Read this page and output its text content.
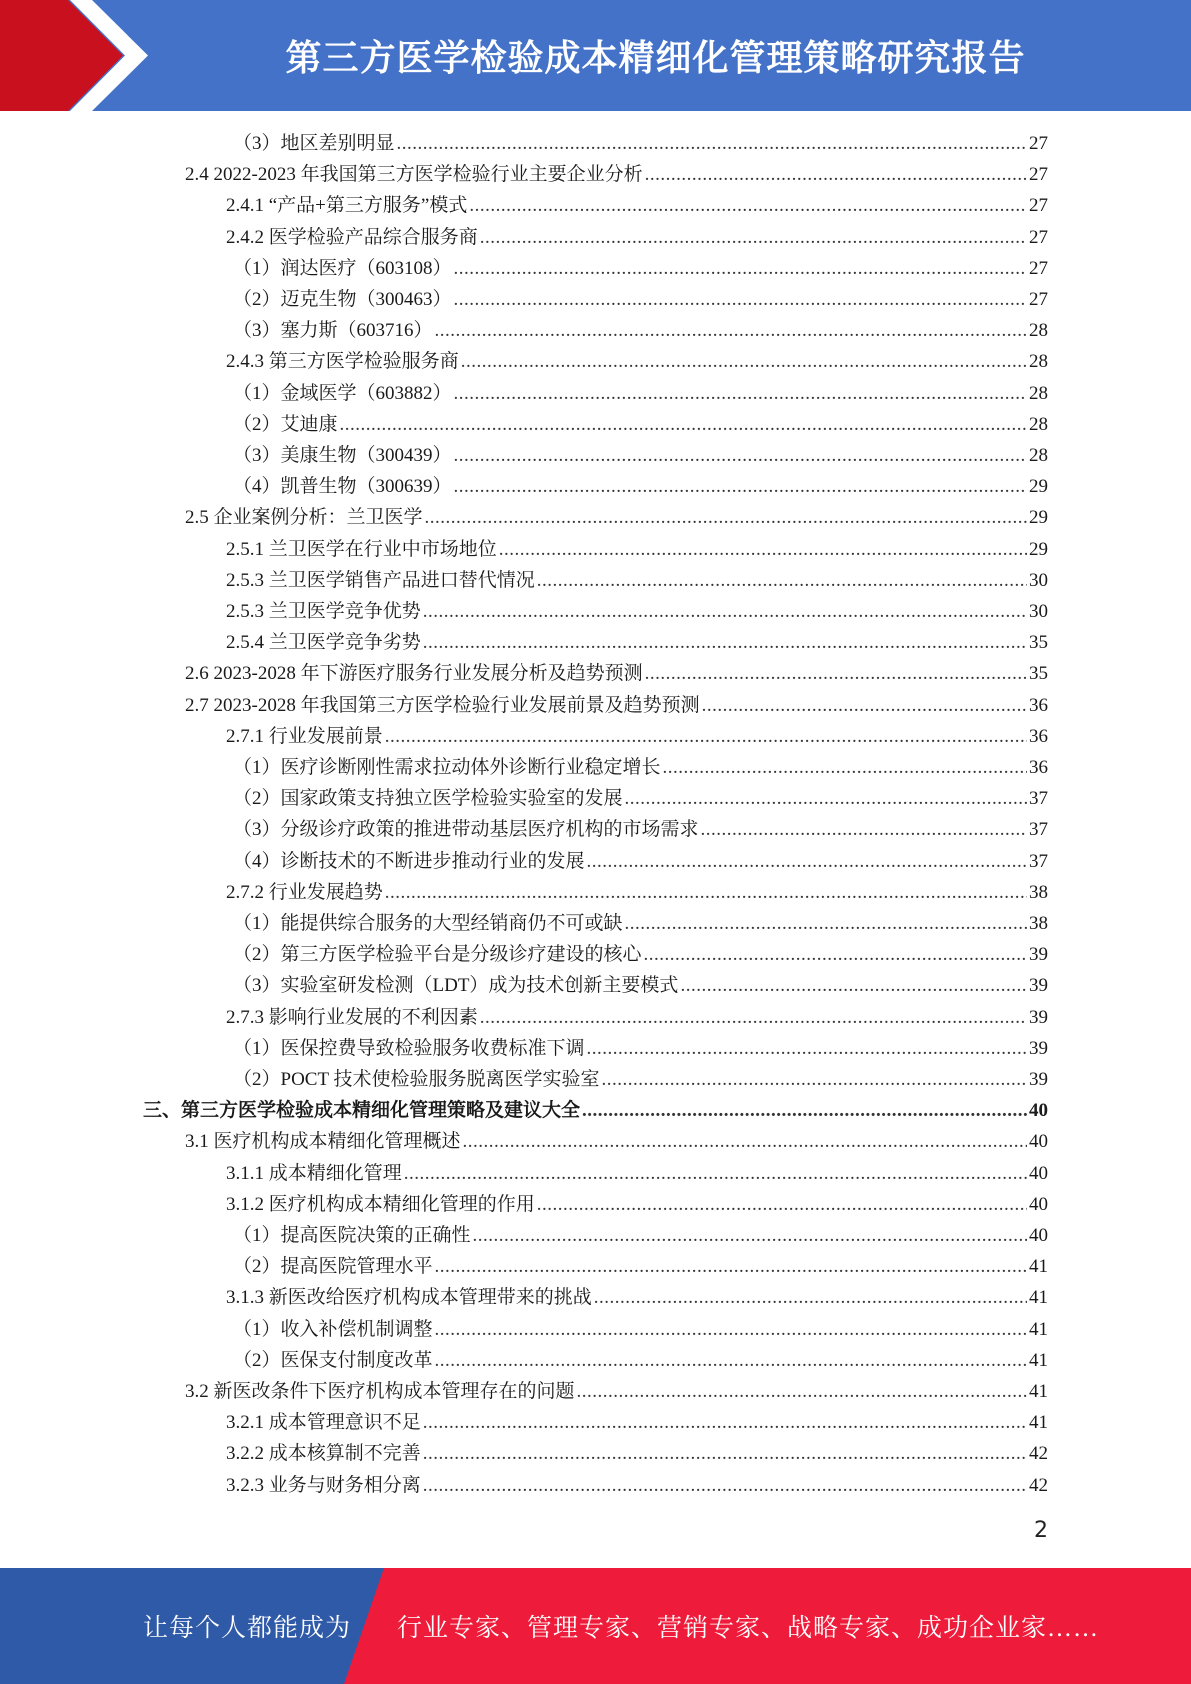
第三方医学检验成本精细化管理策略研究报告
（3）地区差别明显 .....	27
2.4 2022-2023 年我国第三方医学检验行业主要企业分析 .....	27
2.4.1 “产品+第三方服务”模式 .....	27
2.4.2 医学检验产品综合服务商 .....	27
（1）润达医疗（603108） .....	27
（2）迈克生物（300463） .....	27
（3）塞力斯（603716） .....	28
2.4.3 第三方医学检验服务商 .....	28
（1）金域医学（603882） .....	28
（2）艾迪康 .....	28
（3）美康生物（300439） .....	28
（4）凯普生物（300639） .....	29
2.5 企业案例分析：兰卫医学 .....	29
2.5.1 兰卫医学在行业中市场地位 .....	29
2.5.3 兰卫医学销售产品进口替代情况 .....	30
2.5.3 兰卫医学竞争优势 .....	30
2.5.4 兰卫医学竞争劣势 .....	35
2.6 2023-2028 年下游医疗服务行业发展分析及趋势预测 .....	35
2.7 2023-2028 年我国第三方医学检验行业发展前景及趋势预测 .....	36
2.7.1 行业发展前景 .....	36
（1）医疗诊断刚性需求拉动体外诊断行业稳定增长 .....	36
（2）国家政策支持独立医学检验实验室的发展 .....	37
（3）分级诊疗政策的推进带动基层医疗机构的市场需求 .....	37
（4）诊断技术的不断进步推动行业的发展 .....	37
2.7.2 行业发展趋势 .....	38
（1）能提供综合服务的大型经销商仍不可或缺 .....	38
（2）第三方医学检验平台是分级诊疗建设的核心 .....	39
（3）实验室研发检测（LDT）成为技术创新主要模式 .....	39
2.7.3 影响行业发展的不利因素 .....	39
（1）医保控费导致检验服务收费标准下调 .....	39
（2）POCT 技术使检验服务脱离医学实验室 .....	39
三、第三方医学检验成本精细化管理策略及建议大全 .....	40
3.1 医疗机构成本精细化管理概述 .....	40
3.1.1 成本精细化管理 .....	40
3.1.2 医疗机构成本精细化管理的作用 .....	40
（1）提高医院决策的正确性 .....	40
（2）提高医院管理水平 .....	41
3.1.3 新医改给医疗机构成本管理带来的挑战 .....	41
（1）收入补偿机制调整 .....	41
（2）医保支付制度改革 .....	41
3.2 新医改条件下医疗机构成本管理存在的问题 .....	41
3.2.1 成本管理意识不足 .....	41
3.2.2 成本核算制不完善 .....	42
3.2.3 业务与财务相分离 .....	42
2
让每个人都能成为 行业专家、管理专家、营销专家、战略专家、成功企业家……
